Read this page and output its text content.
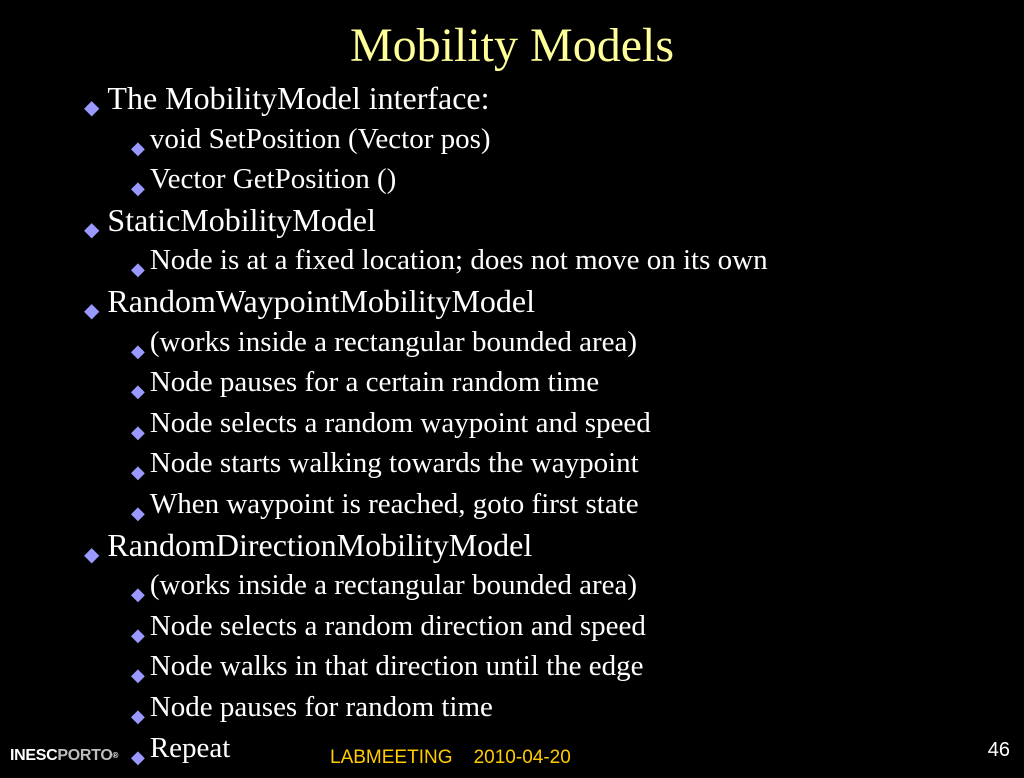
Mobility Models
◆ The MobilityModel interface:
◆ void SetPosition (Vector pos)
◆ Vector GetPosition ()
◆ StaticMobilityModel
◆ Node is at a fixed location; does not move on its own
◆ RandomWaypointMobilityModel
◆ (works inside a rectangular bounded area)
◆ Node pauses for a certain random time
◆ Node selects a random waypoint and speed
◆ Node starts walking towards the waypoint
◆ When waypoint is reached, goto first state
◆ RandomDirectionMobilityModel
◆ (works inside a rectangular bounded area)
◆ Node selects a random direction and speed
◆ Node walks in that direction until the edge
◆ Node pauses for random time
◆ Repeat
INESCPORTO®	LABMEETING 2010-04-20	46
